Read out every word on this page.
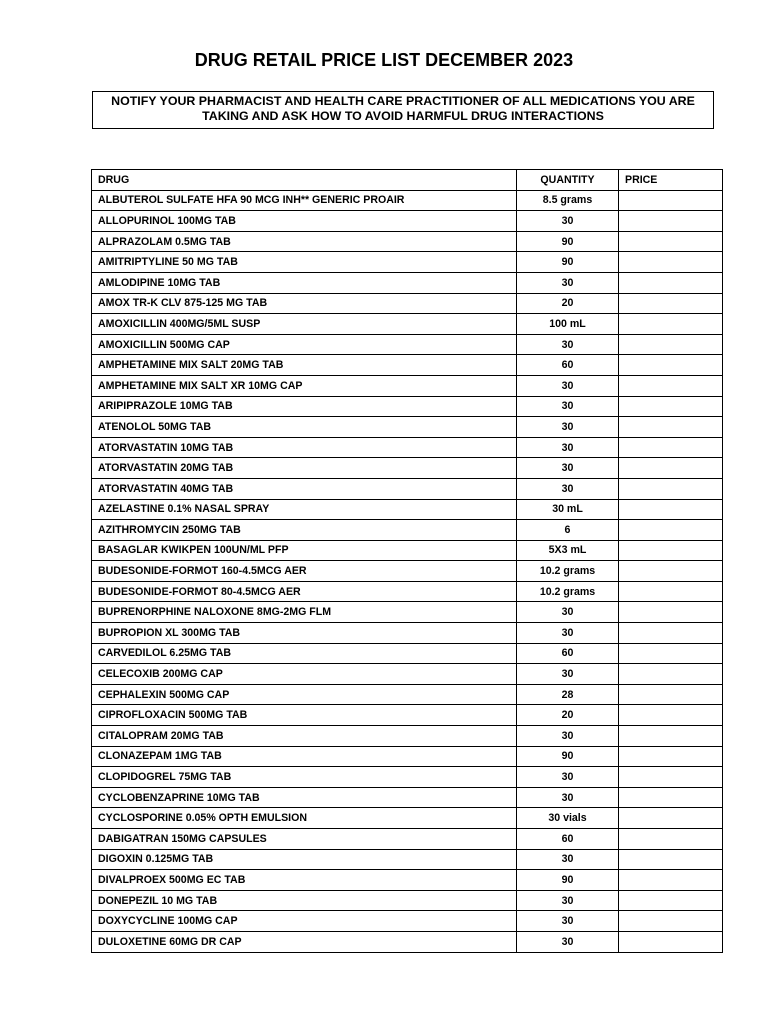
DRUG RETAIL PRICE LIST DECEMBER 2023
NOTIFY YOUR PHARMACIST AND HEALTH CARE PRACTITIONER OF ALL MEDICATIONS YOU ARE TAKING AND ASK HOW TO AVOID HARMFUL DRUG INTERACTIONS
DRUG	QUANTITY	PRICE
ALBUTEROL SULFATE HFA 90 MCG INH** GENERIC PROAIR	8.5 grams	
ALLOPURINOL 100MG TAB	30	
ALPRAZOLAM 0.5MG TAB	90	
AMITRIPTYLINE 50 MG TAB	90	
AMLODIPINE 10MG TAB	30	
AMOX TR-K CLV 875-125 MG TAB	20	
AMOXICILLIN 400MG/5ML SUSP	100 mL	
AMOXICILLIN 500MG CAP	30	
AMPHETAMINE MIX SALT 20MG TAB	60	
AMPHETAMINE MIX SALT XR 10MG CAP	30	
ARIPIPRAZOLE 10MG TAB	30	
ATENOLOL 50MG TAB	30	
ATORVASTATIN 10MG TAB	30	
ATORVASTATIN 20MG TAB	30	
ATORVASTATIN 40MG TAB	30	
AZELASTINE 0.1% NASAL SPRAY	30 mL	
AZITHROMYCIN 250MG TAB	6	
BASAGLAR KWIKPEN 100UN/ML PFP	5X3 mL	
BUDESONIDE-FORMOT 160-4.5MCG AER	10.2 grams	
BUDESONIDE-FORMOT 80-4.5MCG AER	10.2 grams	
BUPRENORPHINE NALOXONE 8MG-2MG FLM	30	
BUPROPION XL 300MG TAB	30	
CARVEDILOL 6.25MG TAB	60	
CELECOXIB 200MG CAP	30	
CEPHALEXIN 500MG CAP	28	
CIPROFLOXACIN 500MG TAB	20	
CITALOPRAM 20MG TAB	30	
CLONAZEPAM 1MG TAB	90	
CLOPIDOGREL 75MG TAB	30	
CYCLOBENZAPRINE 10MG TAB	30	
CYCLOSPORINE 0.05% OPTH EMULSION	30 vials	
DABIGATRAN 150MG CAPSULES	60	
DIGOXIN 0.125MG TAB	30	
DIVALPROEX 500MG EC TAB	90	
DONEPEZIL 10 MG TAB	30	
DOXYCYCLINE 100MG CAP	30	
DULOXETINE 60MG DR CAP	30	
